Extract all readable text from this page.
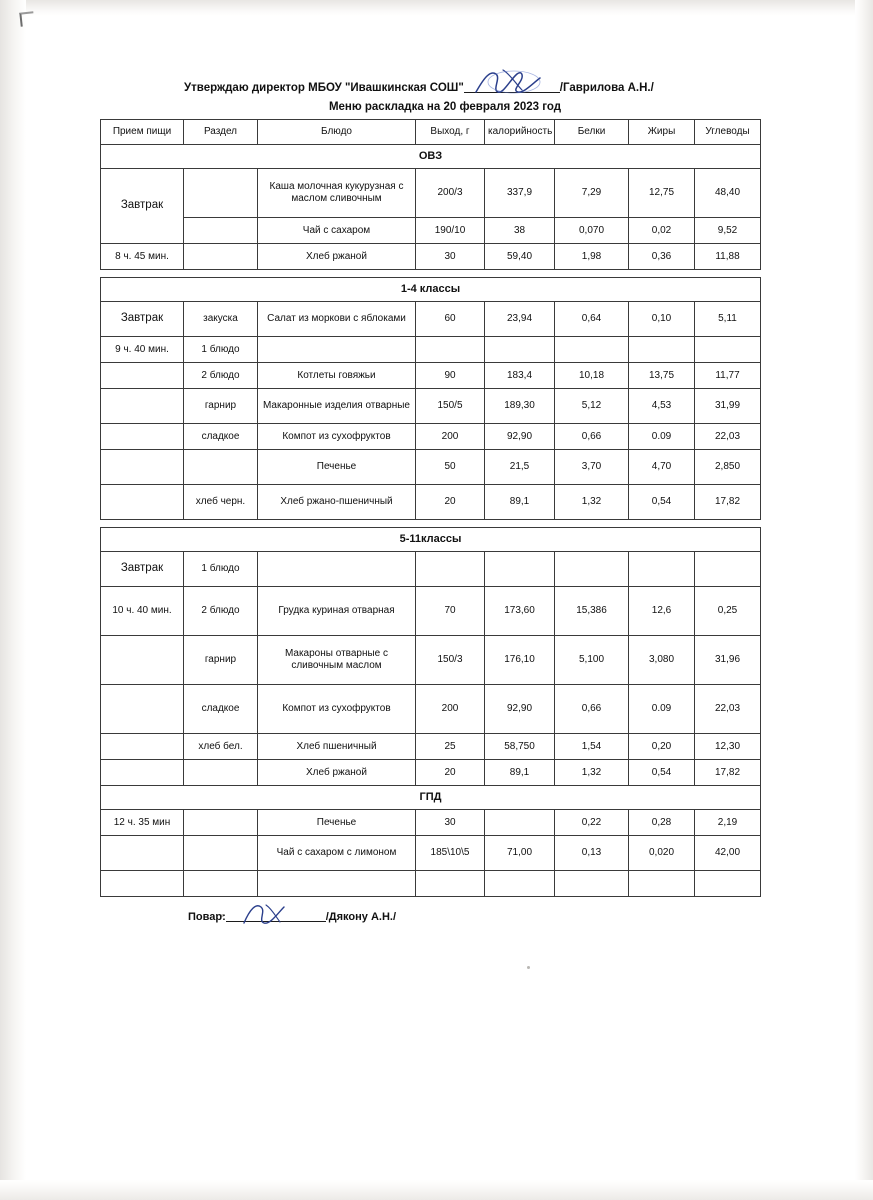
Утверждаю директор МБОУ "Ивашкинская СОШ"	/Гаврилова А.Н./
Меню раскладка на 20 февраля 2023 год
Прием пищи	Раздел	Блюдо	Выход, г	калорийность	Белки	Жиры	Углеводы
ОВЗ							
Завтрак		Каша молочная кукурузная с маслом сливочным	200/3	337,9	7,29	12,75	48,40
		Чай с сахаром	190/10	38	0,070	0,02	9,52
8 ч. 45 мин.		Хлеб ржаной	30	59,40	1,98	0,36	11,88

1-4 классы							
Завтрак	закуска	Салат из моркови с яблоками	60	23,94	0,64	0,10	5,11
9 ч. 40 мин.	1 блюдо						
	2 блюдо	Котлеты говяжьи	90	183,4	10,18	13,75	11,77
	гарнир	Макаронные изделия отварные	150/5	189,30	5,12	4,53	31,99
	сладкое	Компот из сухофруктов	200	92,90	0,66	0.09	22,03
		Печенье	50	21,5	3,70	4,70	2,850
	хлеб черн.	Хлеб ржано-пшеничный	20	89,1	1,32	0,54	17,82

5-11классы							
Завтрак	1 блюдо						
10 ч. 40 мин.	2 блюдо	Грудка куриная отварная	70	173,60	15,386	12,6	0,25
	гарнир	Макароны отварные с сливочным маслом	150/3	176,10	5,100	3,080	31,96
	сладкое	Компот из сухофруктов	200	92,90	0,66	0.09	22,03
	хлеб бел.	Хлеб пшеничный	25	58,750	1,54	0,20	12,30
		Хлеб ржаной	20	89,1	1,32	0,54	17,82
ГПД							
12 ч. 35 мин		Печенье	30		0,22	0,28	2,19
		Чай с сахаром с лимоном	185\10\5	71,00	0,13	0,020	42,00

Повар:	/Дякону А.Н./
